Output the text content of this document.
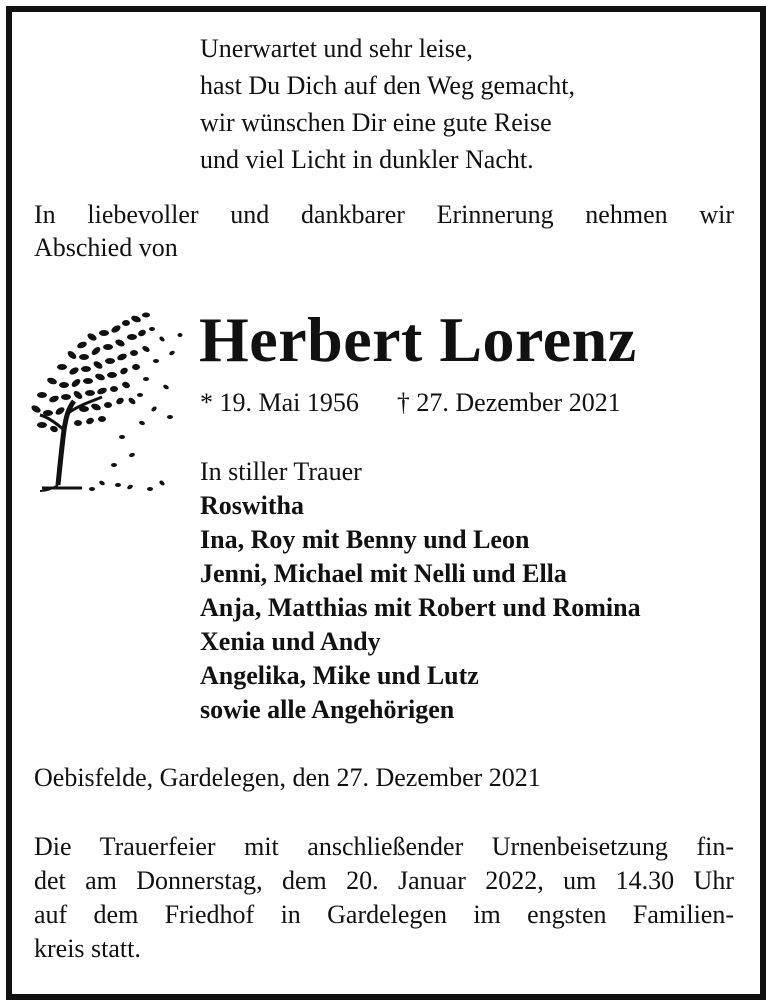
Unerwartet und sehr leise,
hast Du Dich auf den Weg gemacht,
wir wünschen Dir eine gute Reise
und viel Licht in dunkler Nacht.
In liebevoller und dankbarer Erinnerung nehmen wir
Abschied von
Herbert Lorenz
* 19. Mai 1956 † 27. Dezember 2021
In stiller Trauer
Roswitha
Ina, Roy mit Benny und Leon
Jenni, Michael mit Nelli und Ella
Anja, Matthias mit Robert und Romina
Xenia und Andy
Angelika, Mike und Lutz
sowie alle Angehörigen
Oebisfelde, Gardelegen, den 27. Dezember 2021
Die Trauerfeier mit anschließender Urnenbeisetzung fin-
det am Donnerstag, dem 20. Januar 2022, um 14.30 Uhr
auf dem Friedhof in Gardelegen im engsten Familien-
kreis statt.
